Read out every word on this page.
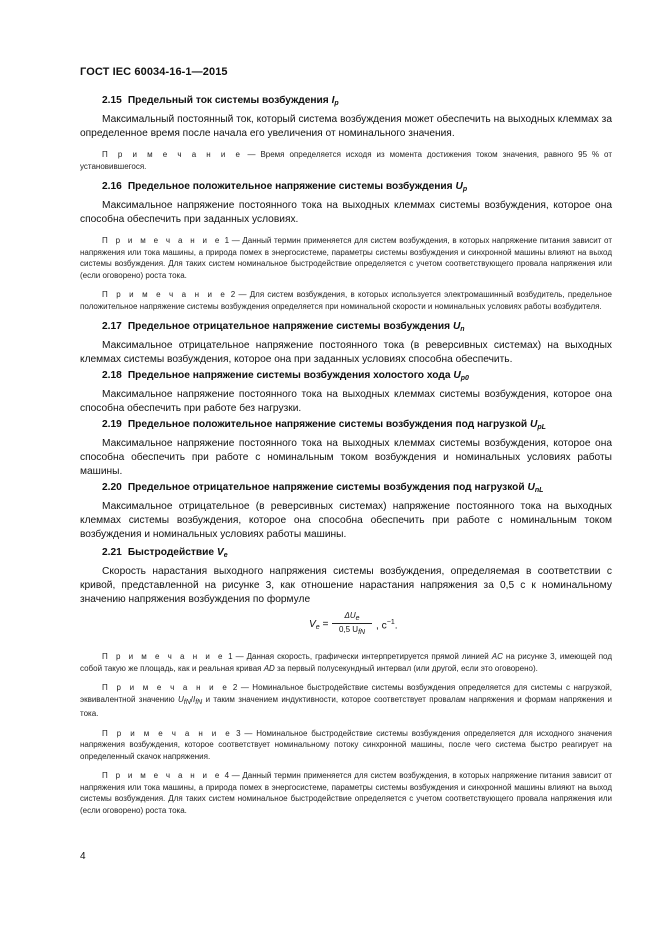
ГОСТ IEC 60034-16-1—2015
2.15 Предельный ток системы возбуждения $I_p$

Максимальный постоянный ток, который система возбуждения может обеспечить на выходных клеммах за определенное время после начала его увеличения от номинального значения.

П р и м е ч а н и е — Время определяется исходя из момента достижения током значения, равного 95 % от установившегося.

2.16 Предельное положительное напряжение системы возбуждения $U_p$

Максимальное напряжение постоянного тока на выходных клеммах системы возбуждения, которое она способна обеспечить при заданных условиях.

П р и м е ч а н и е 1 — Данный термин применяется для систем возбуждения, в которых напряжение питания зависит от напряжения или тока машины, а природа помех в энергосистеме, параметры системы возбуждения и синхронной машины влияют на выход системы возбуждения. Для таких систем номинальное быстродействие определяется с учетом соответствующего провала напряжения или (если оговорено) роста тока.

П р и м е ч а н и е 2 — Для систем возбуждения, в которых используется электромашинный возбудитель, предельное положительное напряжение системы возбуждения определяется при номинальной скорости и номинальных условиях работы возбудителя.

2.17 Предельное отрицательное напряжение системы возбуждения $U_n$

Максимальное отрицательное напряжение постоянного тока (в реверсивных системах) на выходных клеммах системы возбуждения, которое она при заданных условиях способна обеспечить.

2.18 Предельное напряжение системы возбуждения холостого хода $U_{p0}$

Максимальное напряжение постоянного тока на выходных клеммах системы возбуждения, которое она способна обеспечить при работе без нагрузки.

2.19 Предельное положительное напряжение системы возбуждения под нагрузкой $U_{pL}$

Максимальное напряжение постоянного тока на выходных клеммах системы возбуждения, которое она способна обеспечить при работе с номинальным током возбуждения и номинальных условиях работы машины.

2.20 Предельное отрицательное напряжение системы возбуждения под нагрузкой $U_{nL}$

Максимальное отрицательное (в реверсивных системах) напряжение постоянного тока на выходных клеммах системы возбуждения, которое она способна обеспечить при работе с номинальным током возбуждения и номинальных условиях работы машины.

2.21 Быстродействие $V_e$

Скорость нарастания выходного напряжения системы возбуждения, определяемая в соответствии с кривой, представленной на рисунке 3, как отношение нарастания напряжения за 0,5 с к номинальному значению напряжения возбуждения по формуле

$V_e$ =
$\Delta U_e$
0,5 $U_{fN}$
, $с^{-1}$.

П р и м е ч а н и е 1 — Данная скорость, графически интерпретируется прямой линией AC на рисунке 3, имеющей под собой такую же площадь, как и реальная кривая AD за первый полусекундный интервал (или другой, если это оговорено).

П р и м е ч а н и е 2 — Номинальное быстродействие системы возбуждения определяется для системы с нагрузкой, эквивалентной значению $U_{fN}/I_{fN}$ и таким значением индуктивности, которое соответствует провалам напряжения и формам напряжения и тока.

П р и м е ч а н и е 3 — Номинальное быстродействие системы возбуждения определяется для исходного значения напряжения возбуждения, которое соответствует номинальному потоку синхронной машины, после чего система быстро реагирует на определенный скачок напряжения.

П р и м е ч а н и е 4 — Данный термин применяется для систем возбуждения, в которых напряжение питания зависит от напряжения или тока машины, а природа помех в энергосистеме, параметры системы возбуждения и синхронной машины влияют на выход системы возбуждения. Для таких систем номинальное быстродействие определяется с учетом соответствующего провала напряжения или (если оговорено) роста тока.

4
